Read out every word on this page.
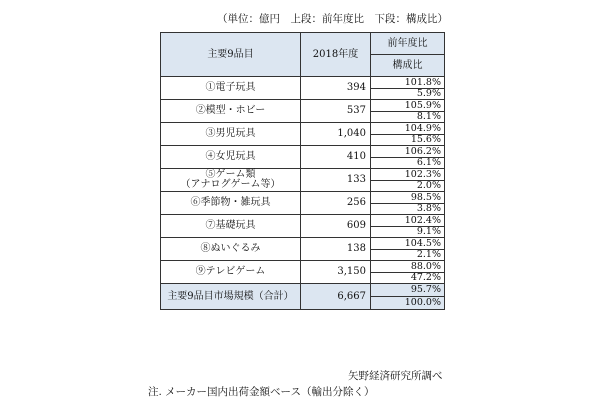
（単位：億円　上段：前年度比　下段：構成比）
主要9品目	2018年度	前年度比
		構成比
①電子玩具	394	101.8%
		5.9%
②模型・ホビー	537	105.9%
		8.1%
③男児玩具	1,040	104.9%
		15.6%
④女児玩具	410	106.2%
		6.1%
⑤ゲーム類
（アナログゲーム等）	133	102.3%
		2.0%
⑥季節物・雑玩具	256	98.5%
		3.8%
⑦基礎玩具	609	102.4%
		9.1%
⑧ぬいぐるみ	138	104.5%
		2.1%
⑨テレビゲーム	3,150	88.0%
		47.2%
主要9品目市場規模（合計）	6,667	95.7%
		100.0%
矢野経済研究所調べ
注. メーカー国内出荷金額ベース（輸出分除く）
